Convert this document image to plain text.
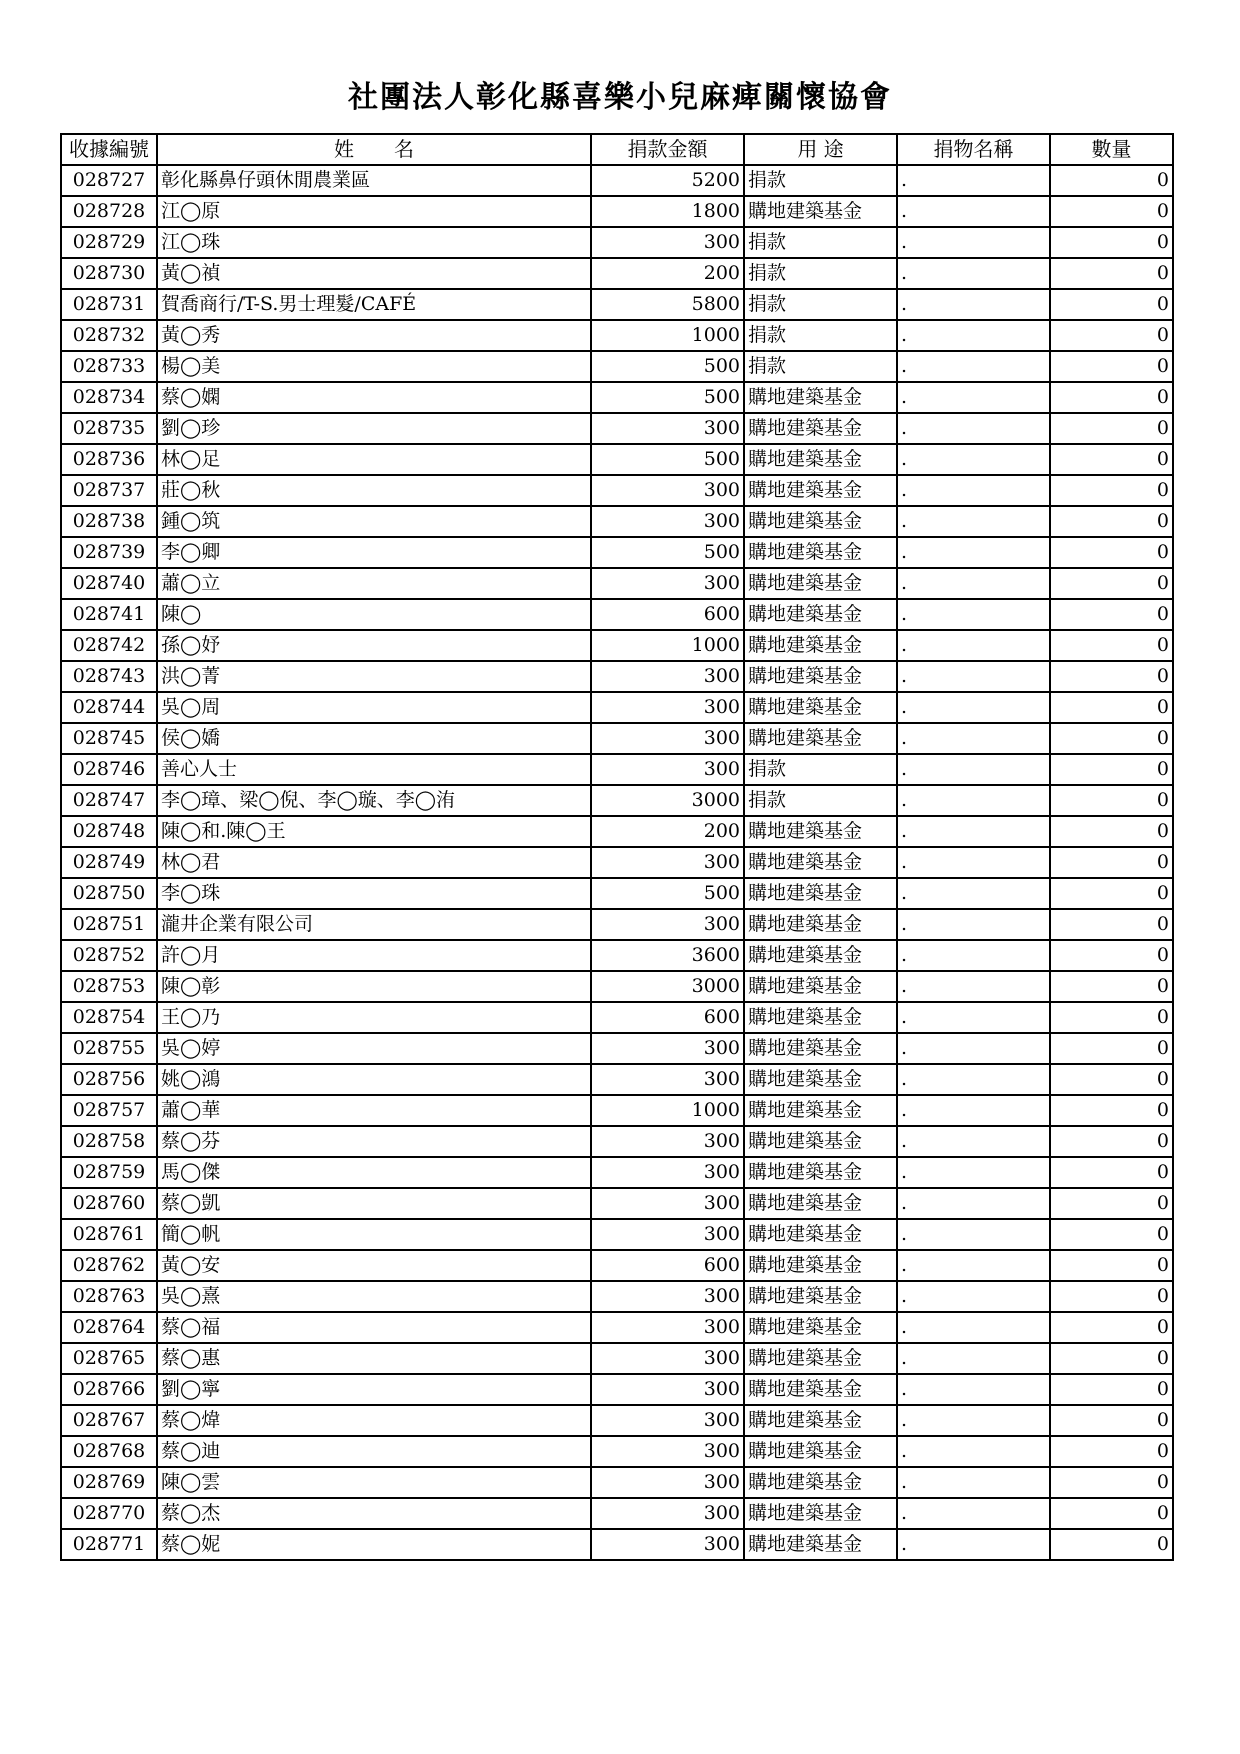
社團法人彰化縣喜樂小兒麻痺關懷協會
收據編號	姓　　名	捐款金額	用 途	捐物名稱	數量
028727	彰化縣鼻仔頭休閒農業區	5200	捐款	.	0
028728	江◯原	1800	購地建築基金	.	0
028729	江◯珠	300	捐款	.	0
028730	黃◯禎	200	捐款	.	0
028731	賀喬商行/T-S.男士理髮/CAFÉ	5800	捐款	.	0
028732	黃◯秀	1000	捐款	.	0
028733	楊◯美	500	捐款	.	0
028734	蔡◯嫻	500	購地建築基金	.	0
028735	劉◯珍	300	購地建築基金	.	0
028736	林◯足	500	購地建築基金	.	0
028737	莊◯秋	300	購地建築基金	.	0
028738	鍾◯筑	300	購地建築基金	.	0
028739	李◯卿	500	購地建築基金	.	0
028740	蕭◯立	300	購地建築基金	.	0
028741	陳◯	600	購地建築基金	.	0
028742	孫◯妤	1000	購地建築基金	.	0
028743	洪◯菁	300	購地建築基金	.	0
028744	吳◯周	300	購地建築基金	.	0
028745	侯◯嬌	300	購地建築基金	.	0
028746	善心人士	300	捐款	.	0
028747	李◯璋、梁◯倪、李◯璇、李◯洧	3000	捐款	.	0
028748	陳◯和.陳◯王	200	購地建築基金	.	0
028749	林◯君	300	購地建築基金	.	0
028750	李◯珠	500	購地建築基金	.	0
028751	瀧井企業有限公司	300	購地建築基金	.	0
028752	許◯月	3600	購地建築基金	.	0
028753	陳◯彰	3000	購地建築基金	.	0
028754	王◯乃	600	購地建築基金	.	0
028755	吳◯婷	300	購地建築基金	.	0
028756	姚◯鴻	300	購地建築基金	.	0
028757	蕭◯華	1000	購地建築基金	.	0
028758	蔡◯芬	300	購地建築基金	.	0
028759	馬◯傑	300	購地建築基金	.	0
028760	蔡◯凱	300	購地建築基金	.	0
028761	簡◯帆	300	購地建築基金	.	0
028762	黃◯安	600	購地建築基金	.	0
028763	吳◯熹	300	購地建築基金	.	0
028764	蔡◯福	300	購地建築基金	.	0
028765	蔡◯惠	300	購地建築基金	.	0
028766	劉◯寧	300	購地建築基金	.	0
028767	蔡◯煒	300	購地建築基金	.	0
028768	蔡◯迪	300	購地建築基金	.	0
028769	陳◯雲	300	購地建築基金	.	0
028770	蔡◯杰	300	購地建築基金	.	0
028771	蔡◯妮	300	購地建築基金	.	0
